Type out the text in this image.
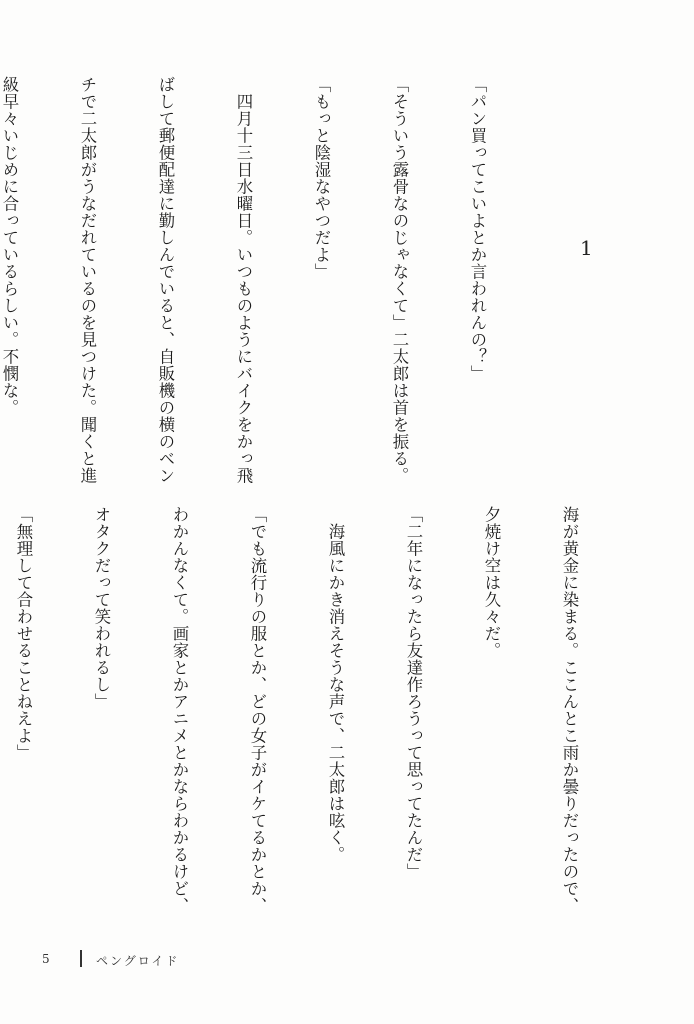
1

「パン買ってこいよとか言われんの？」

「そういう露骨なのじゃなくて」二太郎は首を振る。

「もっと陰湿なやつだよ」

　四月十三日水曜日。いつものようにバイクをかっ飛

ばして郵便配達に勤しんでいると、自販機の横のベン

チで二太郎がうなだれているのを見つけた。聞くと進

級早々いじめに合っているらしい。不憫な。

海が黄金に染まる。ここんとこ雨か曇りだったので、

夕焼け空は久々だ。

「二年になったら友達作ろうって思ってたんだ」

　海風にかき消えそうな声で、二太郎は呟く。

「でも流行りの服とか、どの女子がイケてるかとか、

わかんなくて。画家とかアニメとかならわかるけど、

オタクだって笑われるし」

「無理して合わせることねえよ」

5	ペングロイド
